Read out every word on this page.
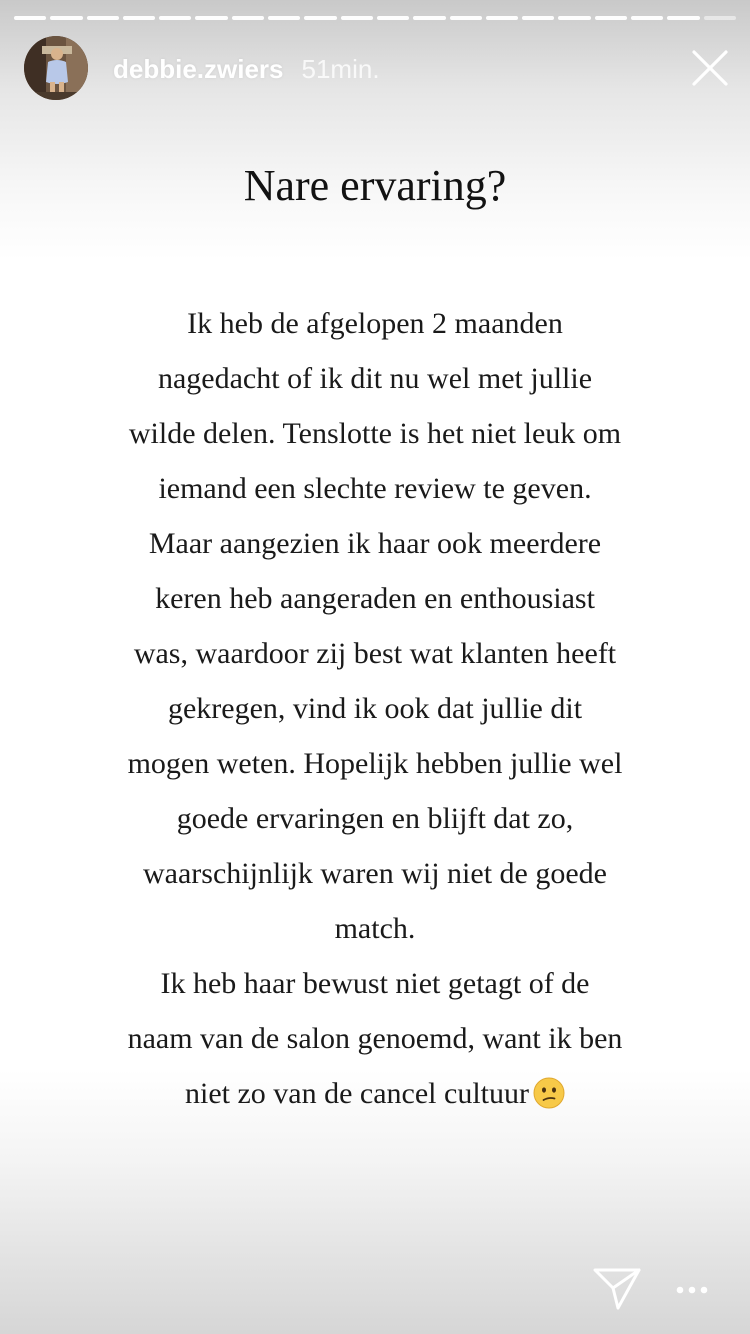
debbie.zwiers 51min.
Nare ervaring?
Ik heb de afgelopen 2 maanden
nagedacht of ik dit nu wel met jullie
wilde delen. Tenslotte is het niet leuk om
iemand een slechte review te geven.
Maar aangezien ik haar ook meerdere
keren heb aangeraden en enthousiast
was, waardoor zij best wat klanten heeft
gekregen, vind ik ook dat jullie dit
mogen weten. Hopelijk hebben jullie wel
goede ervaringen en blijft dat zo,
waarschijnlijk waren wij niet de goede
match.
Ik heb haar bewust niet getagt of de
naam van de salon genoemd, want ik ben
niet zo van de cancel cultuur
